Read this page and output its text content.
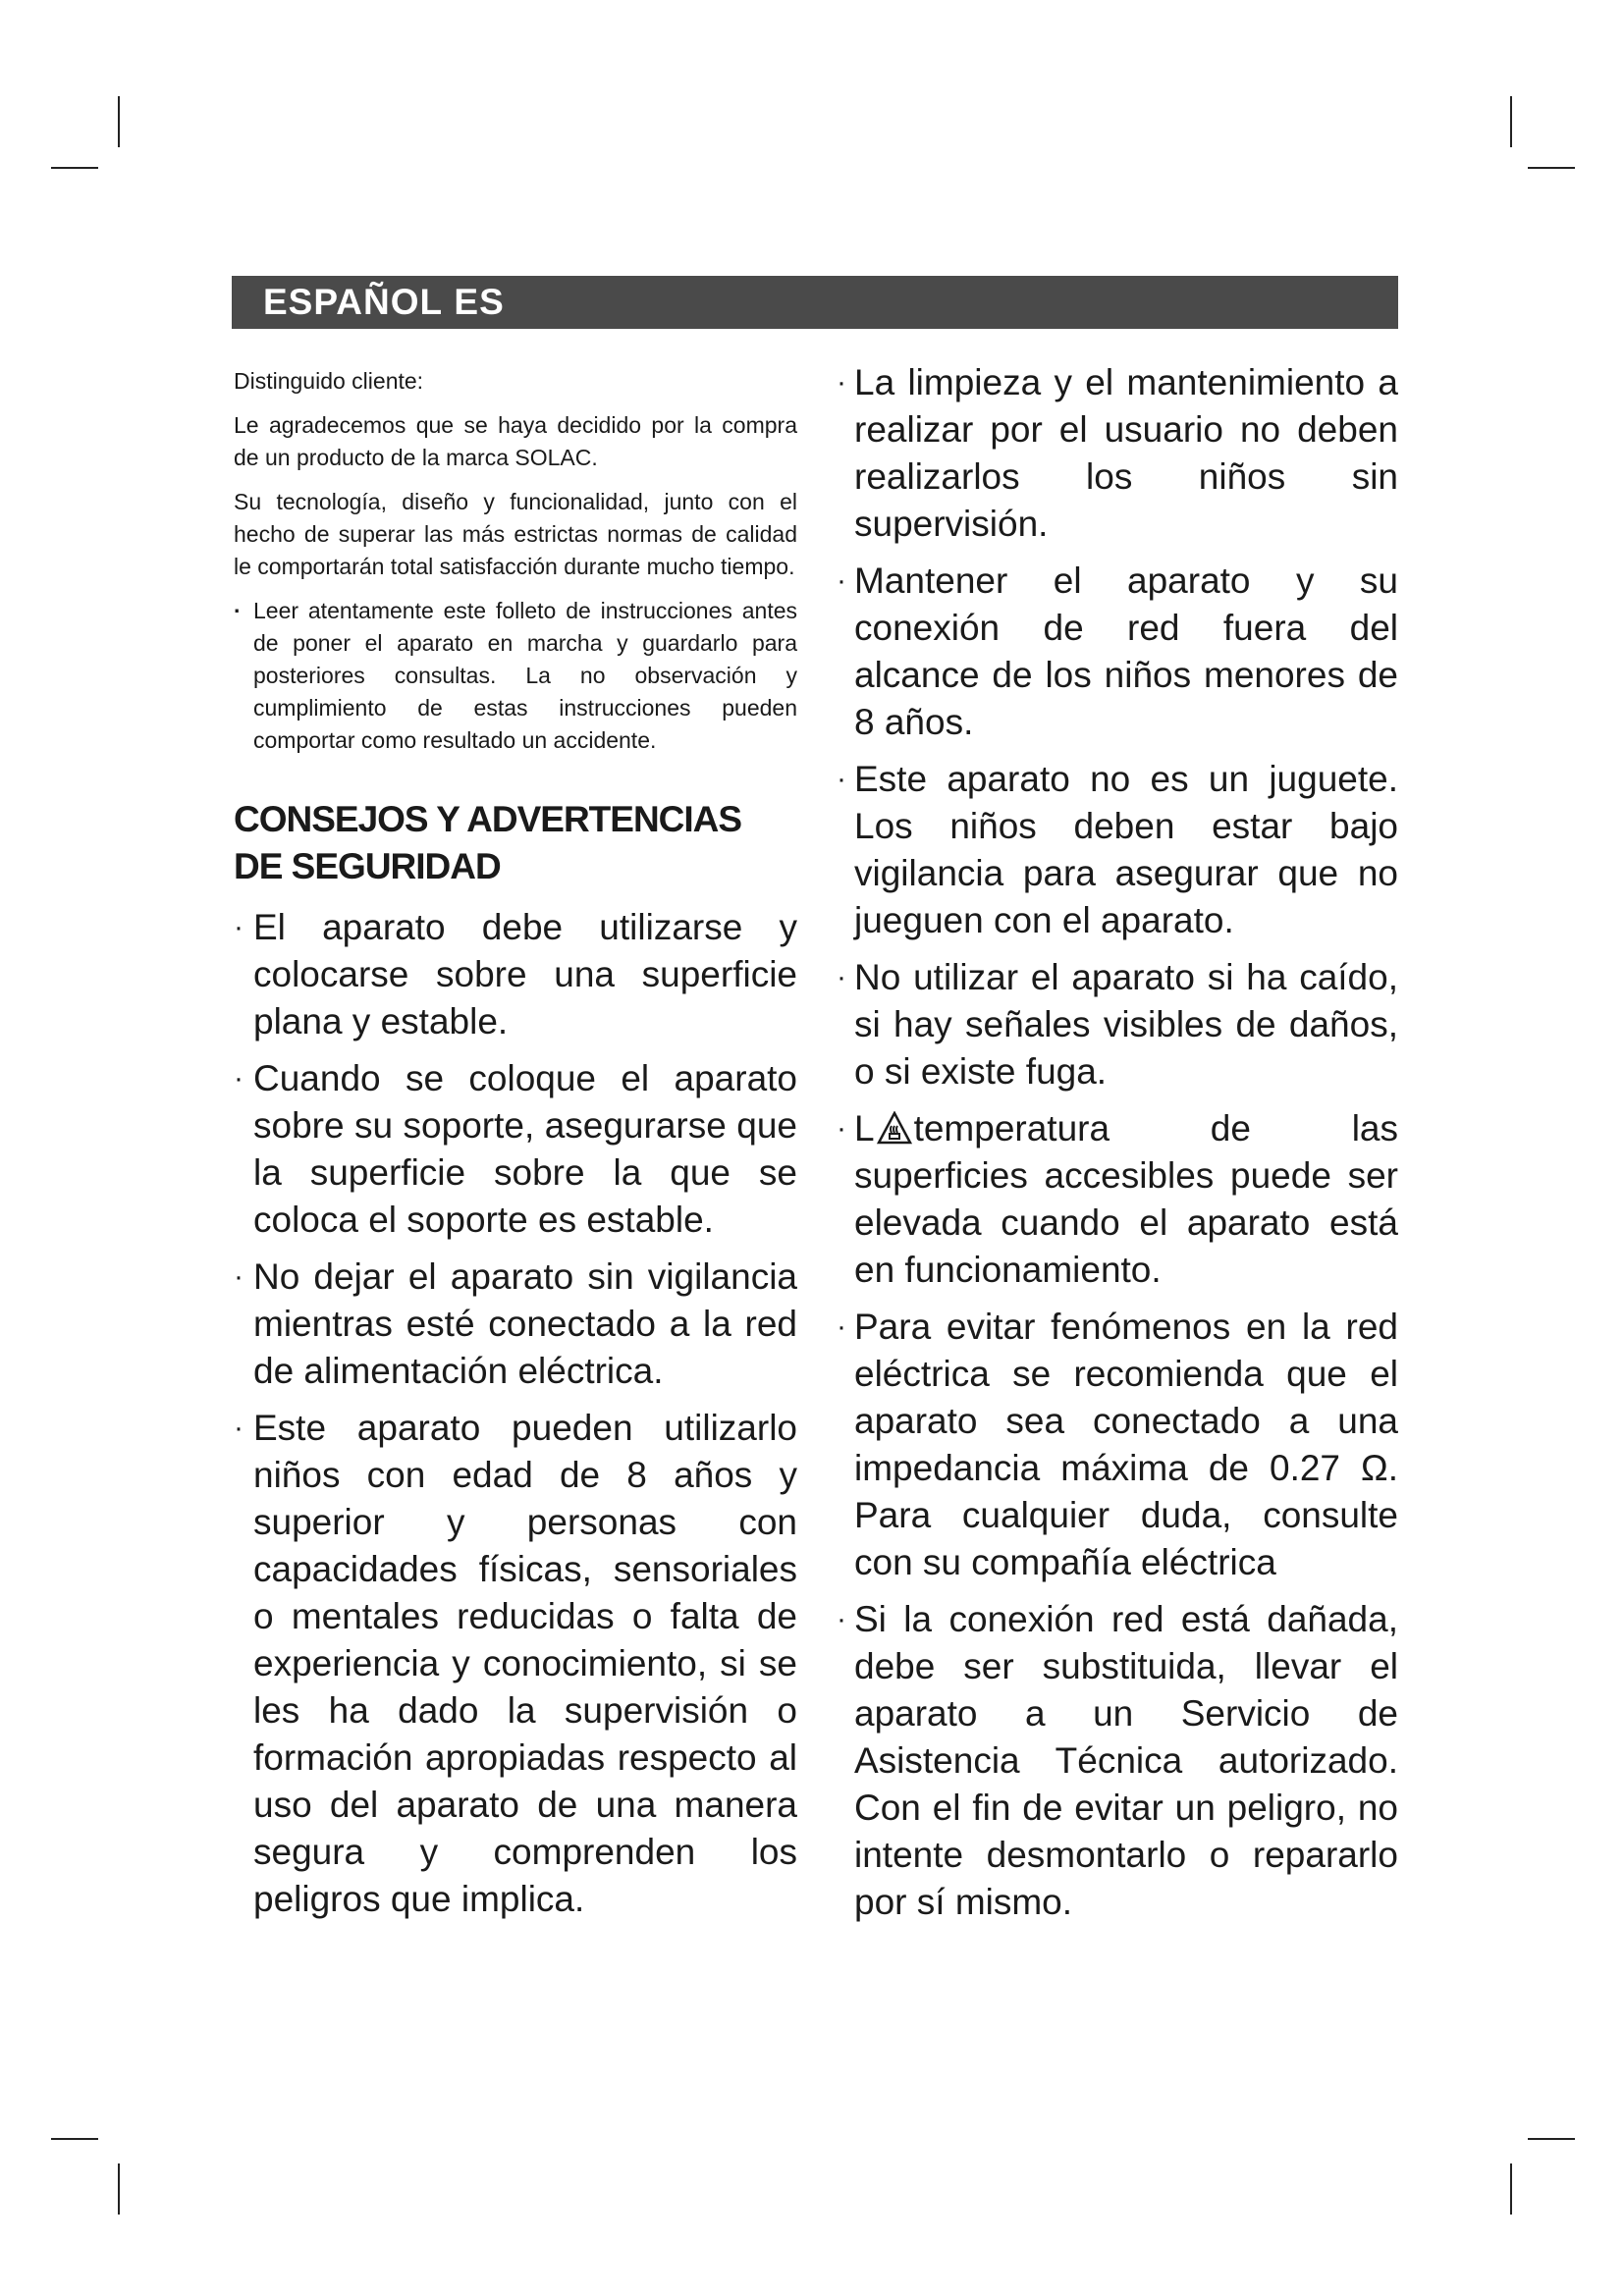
ESPAÑOL
ES

Distinguido cliente:

Le agradecemos que se haya decidido por la compra de un producto de la marca SOLAC.

Su tecnología, diseño y funcionalidad, junto con el hecho de superar las más estrictas normas de calidad le comportarán total satisfacción durante mucho tiempo.

· Leer atentamente este folleto de instrucciones antes de poner el aparato en marcha y guardarlo para posteriores consultas. La no observación y cumplimiento de estas instrucciones pueden comportar como resultado un accidente.

CONSEJOS Y ADVERTENCIAS DE SEGURIDAD

· El aparato debe utilizarse y colocarse sobre una superficie plana y estable.

· Cuando se coloque el aparato sobre su soporte, asegurarse que la superficie sobre la que se coloca el soporte es estable.

· No dejar el aparato sin vigilancia mientras esté conectado a la red de alimentación eléctrica.

· Este aparato pueden utilizarlo niños con edad de 8 años y superior y personas con capacidades físicas, sensoriales o mentales reducidas o falta de experiencia y conocimiento, si se les ha dado la supervisión o formación apropiadas respecto al uso del aparato de una manera segura y comprenden los peligros que implica.

· La limpieza y el mantenimiento a realizar por el usuario no deben realizarlos los niños sin supervisión.

· Mantener el aparato y su conexión de red fuera del alcance de los niños menores de 8 años.

· Este aparato no es un juguete. Los niños deben estar bajo vigilancia para asegurar que no jueguen con el aparato.

· No utilizar el aparato si ha caído, si hay señales visibles de daños, o si existe fuga.

· L temperatura de las superficies accesibles puede ser elevada cuando el aparato está en funcionamiento.

· Para evitar fenómenos en la red eléctrica se recomienda que el aparato sea conectado a una impedancia máxima de 0.27 Ω. Para cualquier duda, consulte con su compañía eléctrica

· Si la conexión red está dañada, debe ser substituida, llevar el aparato a un Servicio de Asistencia Técnica autorizado. Con el fin de evitar un peligro, no intente desmontarlo o repararlo por sí mismo.
